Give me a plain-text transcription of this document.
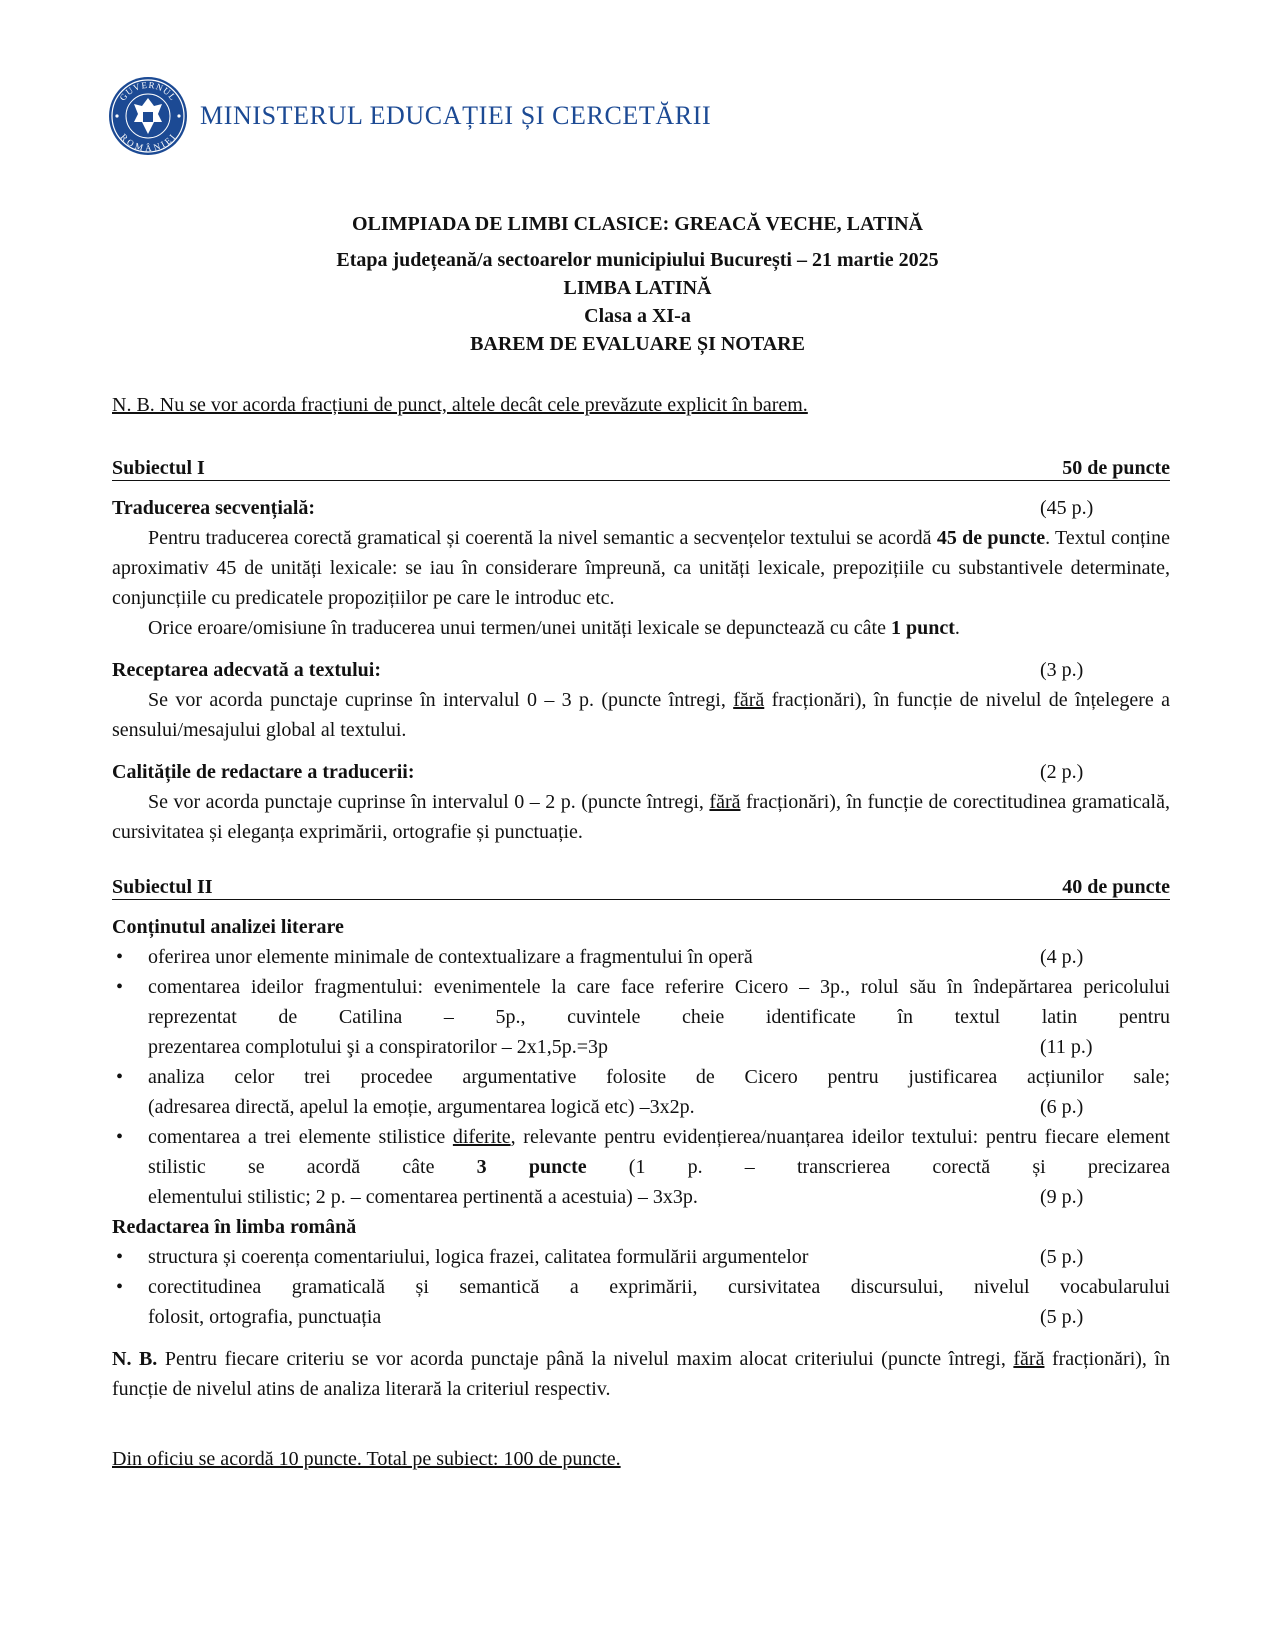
GUVERNUL
ROMÂNIEI
MINISTERUL EDUCAȚIEI ȘI CERCETĂRII
OLIMPIADA DE LIMBI CLASICE: GREACĂ VECHE, LATINĂ
Etapa județeană/a sectoarelor municipiului București – 21 martie 2025
LIMBA LATINĂ
Clasa a XI-a
BAREM DE EVALUARE ȘI NOTARE
N. B. Nu se vor acorda fracțiuni de punct, altele decât cele prevăzute explicit în barem.
Subiectul I	50 de puncte
Traducerea secvențială:	(45 p.)
Pentru traducerea corectă gramatical și coerentă la nivel semantic a secvențelor textului se acordă 45 de puncte. Textul conține aproximativ 45 de unități lexicale: se iau în considerare împreună, ca unități lexicale, prepozițiile cu substantivele determinate, conjuncțiile cu predicatele propozițiilor pe care le introduc etc.
Orice eroare/omisiune în traducerea unui termen/unei unități lexicale se depunctează cu câte 1 punct.
Receptarea adecvată a textului:	(3 p.)
Se vor acorda punctaje cuprinse în intervalul 0 – 3 p. (puncte întregi, fără fracționări), în funcție de nivelul de înțelegere a sensului/mesajului global al textului.
Calitățile de redactare a traducerii:	(2 p.)
Se vor acorda punctaje cuprinse în intervalul 0 – 2 p. (puncte întregi, fără fracționări), în funcție de corectitudinea gramaticală, cursivitatea și eleganța exprimării, ortografie și punctuație.
Subiectul II	40 de puncte
Conținutul analizei literare
• oferirea unor elemente minimale de contextualizare a fragmentului în operă	(4 p.)
• comentarea ideilor fragmentului: evenimentele la care face referire Cicero – 3p., rolul său în îndepărtarea pericolului reprezentat de Catilina – 5p., cuvintele cheie identificate în textul latin pentru
prezentarea complotului şi a conspiratorilor – 2x1,5p.=3p	(11 p.)
• analiza celor trei procedee argumentative folosite de Cicero pentru justificarea acțiunilor sale;
(adresarea directă, apelul la emoție, argumentarea logică etc) –3x2p.	(6 p.)
• comentarea a trei elemente stilistice diferite, relevante pentru evidențierea/nuanțarea ideilor textului: pentru fiecare element stilistic se acordă câte 3 puncte (1 p. – transcrierea corectă și precizarea
elementului stilistic; 2 p. – comentarea pertinentă a acestuia) – 3x3p.	(9 p.)
Redactarea în limba română
• structura și coerența comentariului, logica frazei, calitatea formulării argumentelor	(5 p.)
• corectitudinea gramaticală și semantică a exprimării, cursivitatea discursului, nivelul vocabularului
folosit, ortografia, punctuația	(5 p.)
N. B. Pentru fiecare criteriu se vor acorda punctaje până la nivelul maxim alocat criteriului (puncte întregi, fără fracționări), în funcție de nivelul atins de analiza literară la criteriul respectiv.
Din oficiu se acordă 10 puncte. Total pe subiect: 100 de puncte.
